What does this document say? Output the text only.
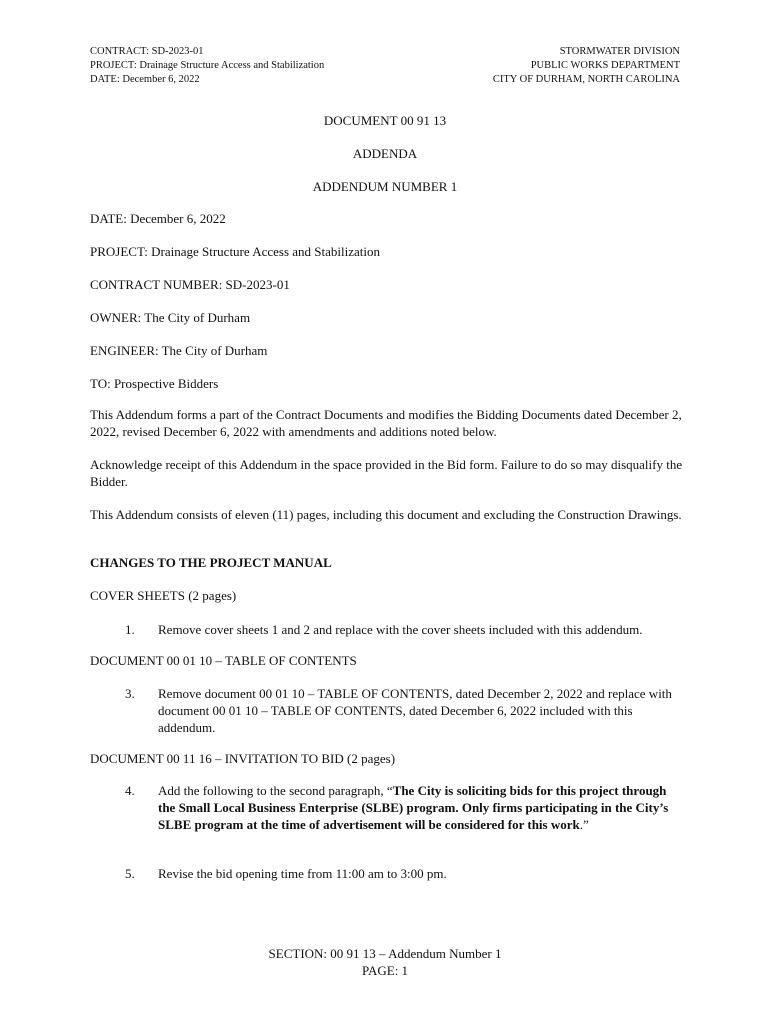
CONTRACT: SD-2023-01
PROJECT: Drainage Structure Access and Stabilization
DATE: December 6, 2022
STORMWATER DIVISION
PUBLIC WORKS DEPARTMENT
CITY OF DURHAM, NORTH CAROLINA
DOCUMENT 00 91 13
ADDENDA
ADDENDUM NUMBER 1
DATE: December 6, 2022
PROJECT: Drainage Structure Access and Stabilization
CONTRACT NUMBER: SD-2023-01
OWNER: The City of Durham
ENGINEER: The City of Durham
TO: Prospective Bidders
This Addendum forms a part of the Contract Documents and modifies the Bidding Documents dated December 2, 2022, revised December 6, 2022 with amendments and additions noted below.
Acknowledge receipt of this Addendum in the space provided in the Bid form. Failure to do so may disqualify the Bidder.
This Addendum consists of eleven (11) pages, including this document and excluding the Construction Drawings.
CHANGES TO THE PROJECT MANUAL
COVER SHEETS (2 pages)
1.	Remove cover sheets 1 and 2 and replace with the cover sheets included with this addendum.
DOCUMENT 00 01 10 – TABLE OF CONTENTS
3.	Remove document 00 01 10 – TABLE OF CONTENTS, dated December 2, 2022 and replace with document 00 01 10 – TABLE OF CONTENTS, dated December 6, 2022 included with this addendum.
DOCUMENT 00 11 16 – INVITATION TO BID (2 pages)
4.	Add the following to the second paragraph, “The City is soliciting bids for this project through the Small Local Business Enterprise (SLBE) program. Only firms participating in the City’s SLBE program at the time of advertisement will be considered for this work.”
5.	Revise the bid opening time from 11:00 am to 3:00 pm.
SECTION: 00 91 13 – Addendum Number 1
PAGE: 1
